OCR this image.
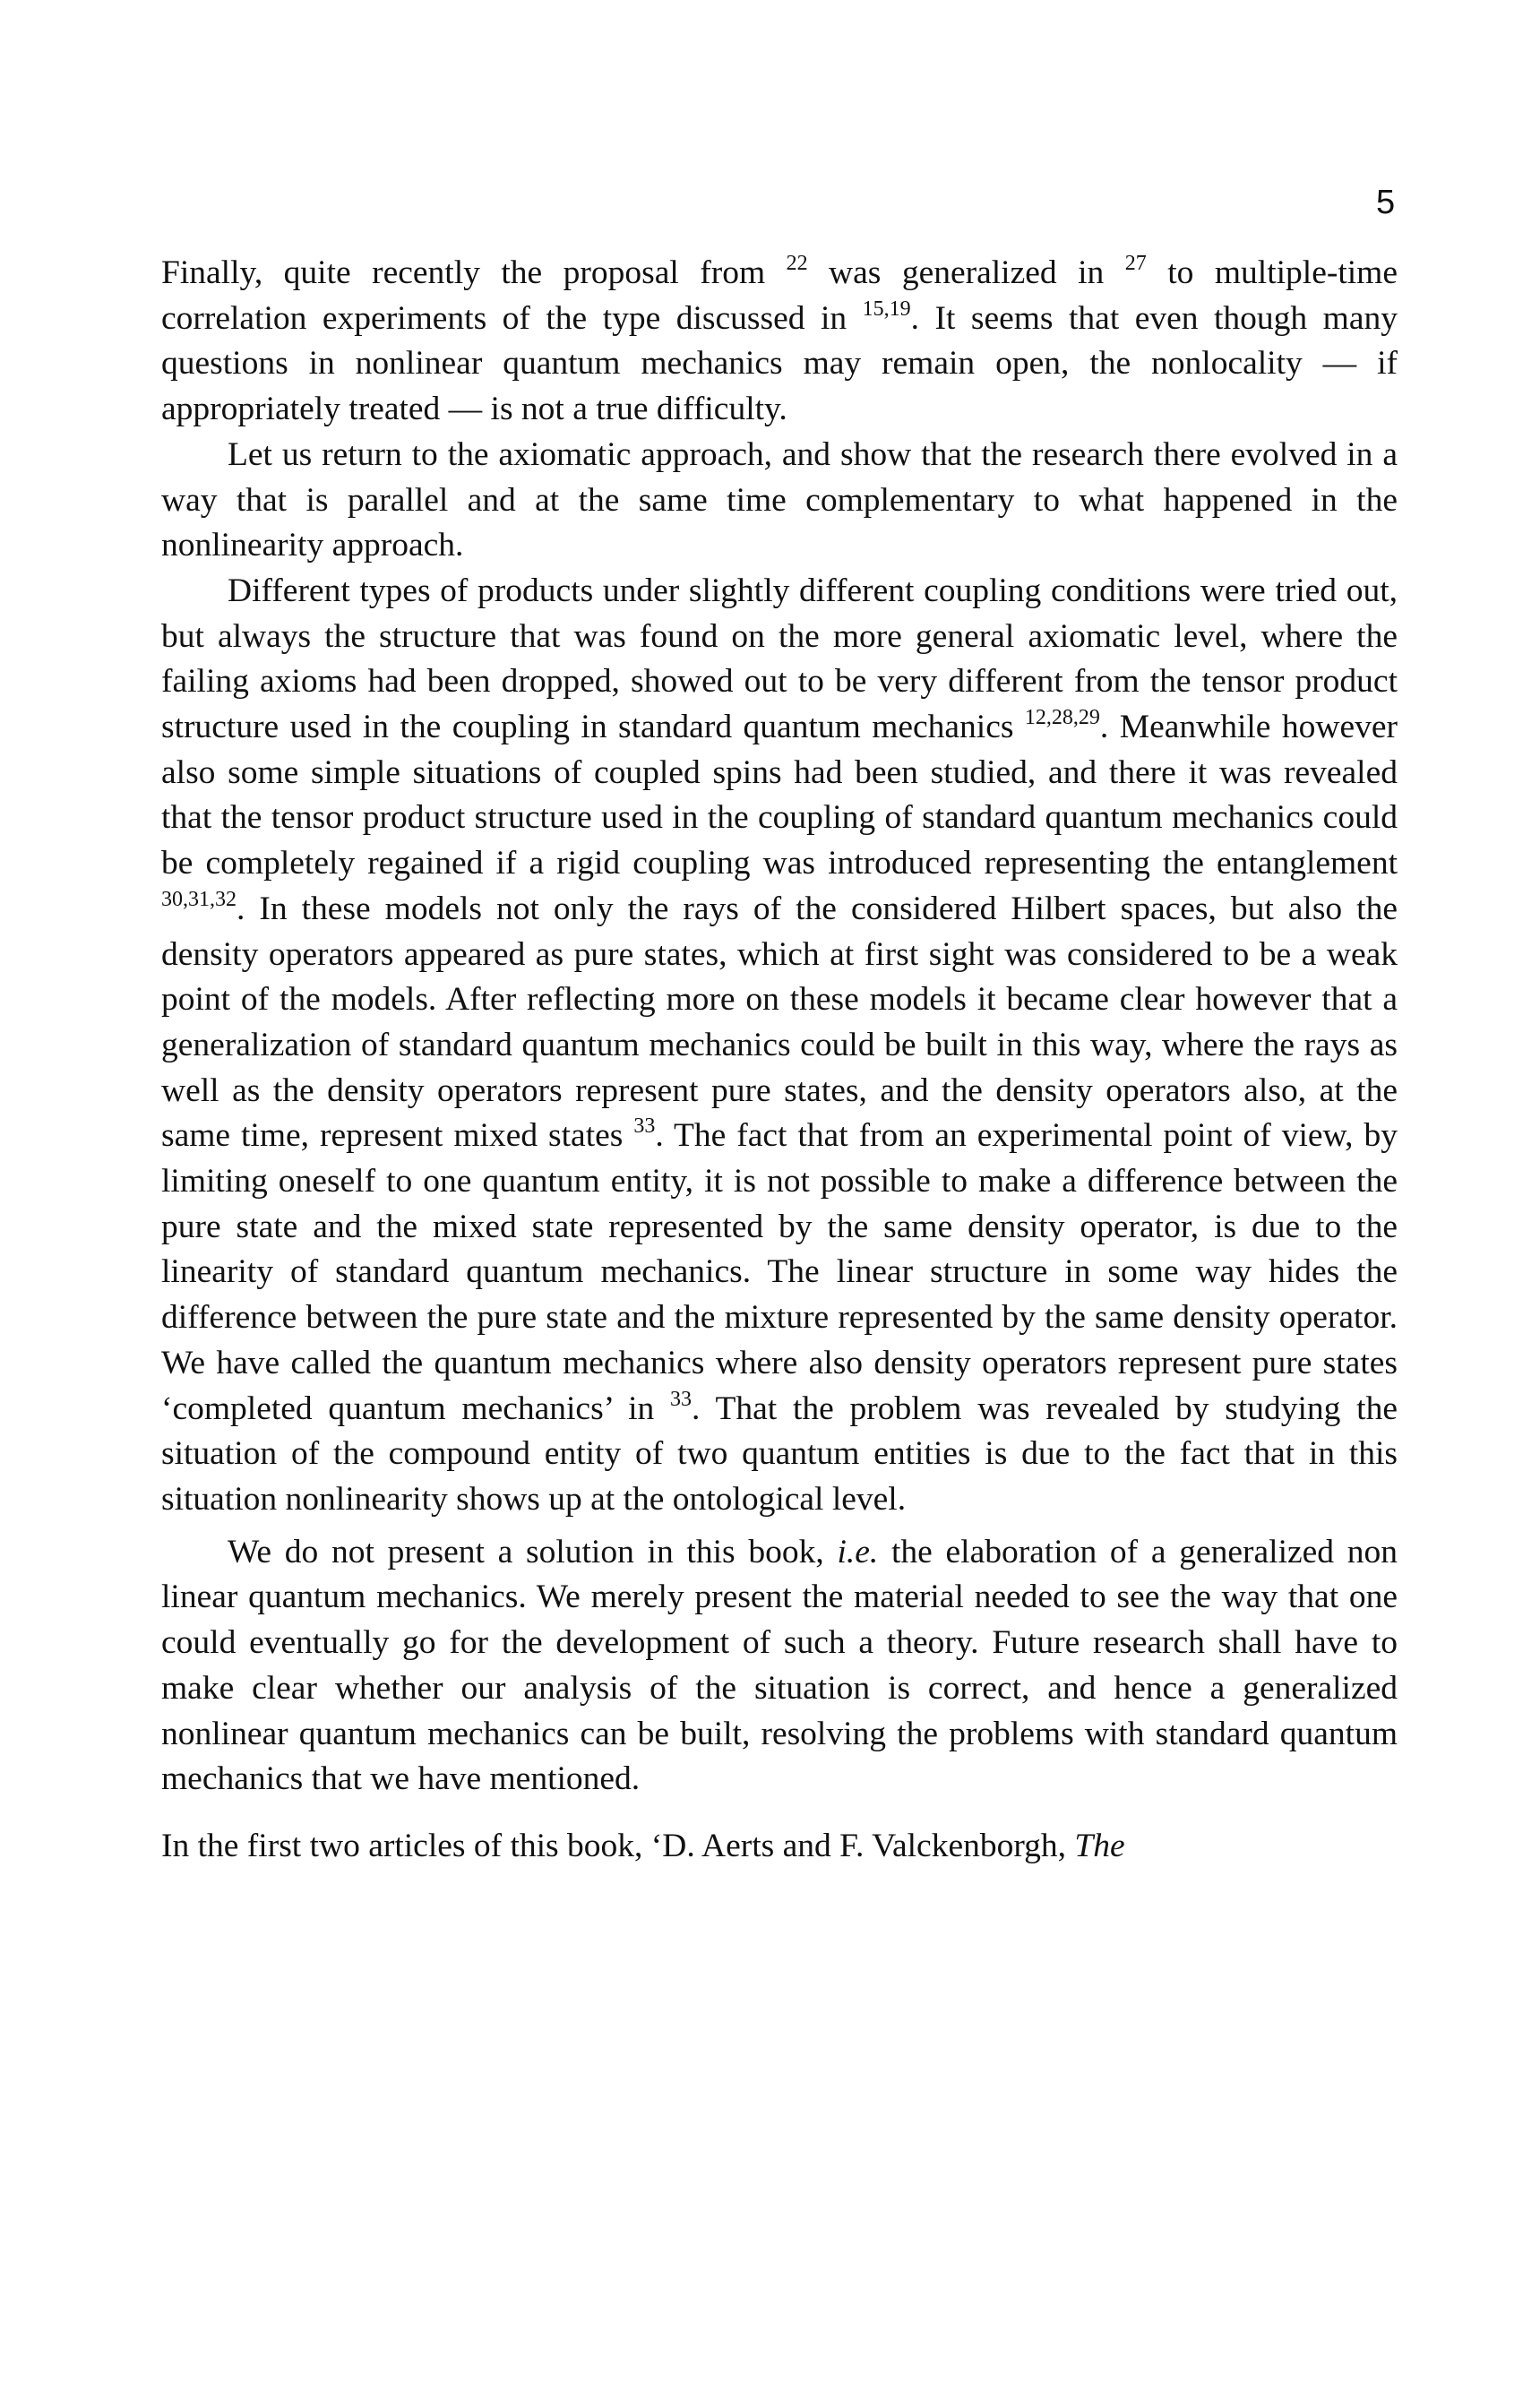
5

Finally, quite recently the proposal from $^{22}$ was generalized in $^{27}$ to multiple-time correlation experiments of the type discussed in $^{15,19}$. It seems that even though many questions in nonlinear quantum mechanics may remain open, the nonlocality — if appropriately treated — is not a true difficulty.

Let us return to the axiomatic approach, and show that the research there evolved in a way that is parallel and at the same time complementary to what happened in the nonlinearity approach.

Different types of products under slightly different coupling conditions were tried out, but always the structure that was found on the more general axiomatic level, where the failing axioms had been dropped, showed out to be very different from the tensor product structure used in the coupling in standard quantum mechanics $^{12,28,29}$. Meanwhile however also some simple situations of coupled spins had been studied, and there it was revealed that the tensor product structure used in the coupling of standard quantum mechanics could be completely regained if a rigid coupling was introduced representing the entanglement $^{30,31,32}$. In these models not only the rays of the considered Hilbert spaces, but also the density operators appeared as pure states, which at first sight was considered to be a weak point of the models. After reflecting more on these models it became clear however that a generalization of standard quantum mechanics could be built in this way, where the rays as well as the density operators represent pure states, and the density operators also, at the same time, represent mixed states $^{33}$. The fact that from an experimental point of view, by limiting oneself to one quantum entity, it is not possible to make a difference between the pure state and the mixed state represented by the same density operator, is due to the linearity of standard quantum mechanics. The linear structure in some way hides the difference between the pure state and the mixture represented by the same density operator. We have called the quantum mechanics where also density operators represent pure states ‘completed quantum mechanics’ in $^{33}$. That the problem was revealed by studying the situation of the compound entity of two quantum entities is due to the fact that in this situation nonlinearity shows up at the ontological level.

We do not present a solution in this book, i.e. the elaboration of a generalized non linear quantum mechanics. We merely present the material needed to see the way that one could eventually go for the development of such a theory. Future research shall have to make clear whether our analysis of the situation is correct, and hence a generalized nonlinear quantum mechanics can be built, resolving the problems with standard quantum mechanics that we have mentioned.

In the first two articles of this book, ‘D. Aerts and F. Valckenborgh, The
